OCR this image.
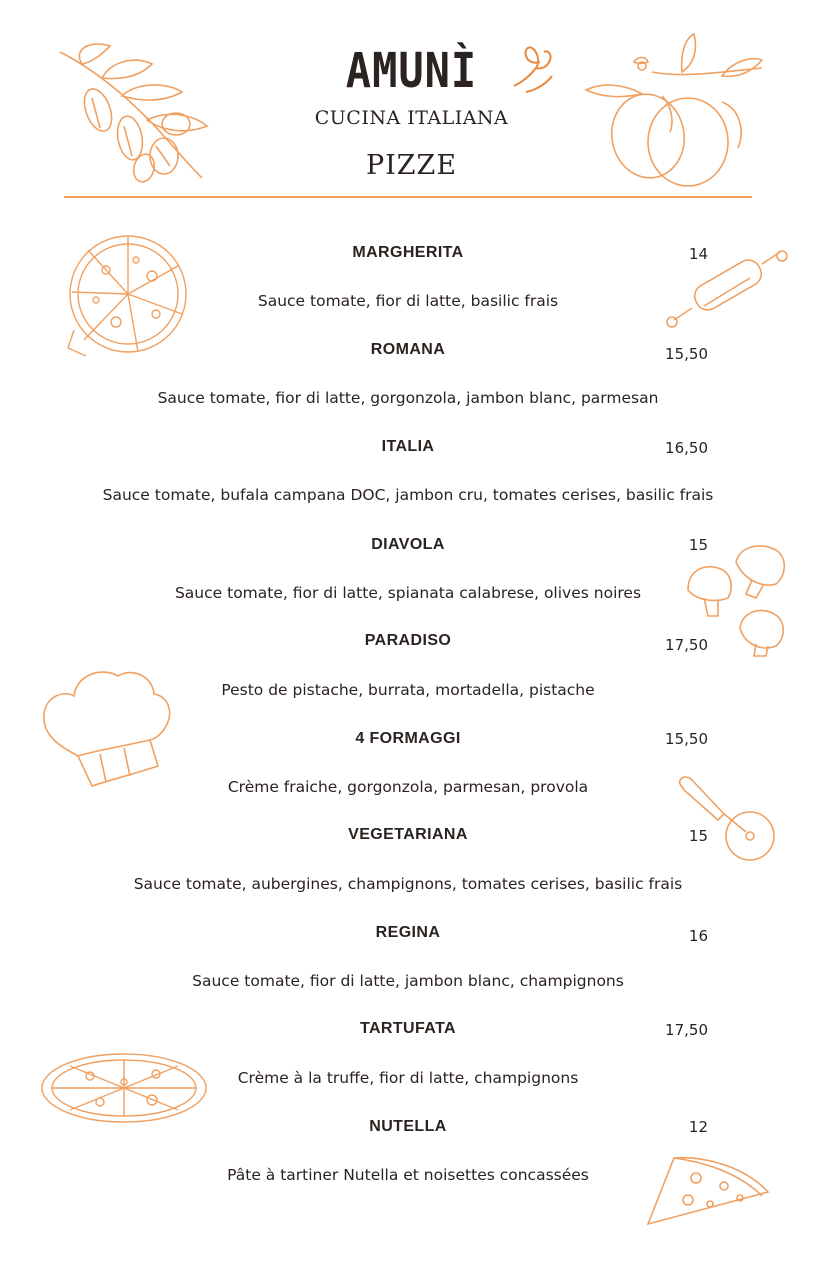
AMUNÌ
CUCINA ITALIANA
PIZZE
MARGHERITA	14
Sauce tomate, fior di latte, basilic frais
ROMANA	15,50
Sauce tomate, fior di latte, gorgonzola, jambon blanc, parmesan
ITALIA	16,50
Sauce tomate, bufala campana DOC, jambon cru, tomates cerises, basilic frais
DIAVOLA	15
Sauce tomate, fior di latte, spianata calabrese, olives noires
PARADISO	17,50
Pesto de pistache, burrata, mortadella, pistache
4 FORMAGGI	15,50
Crème fraiche, gorgonzola, parmesan, provola
VEGETARIANA	15
Sauce tomate, aubergines, champignons, tomates cerises, basilic frais
REGINA	16
Sauce tomate, fior di latte, jambon blanc, champignons
TARTUFATA	17,50
Crème à la truffe, fior di latte, champignons
NUTELLA	12
Pâte à tartiner Nutella et noisettes concassées
